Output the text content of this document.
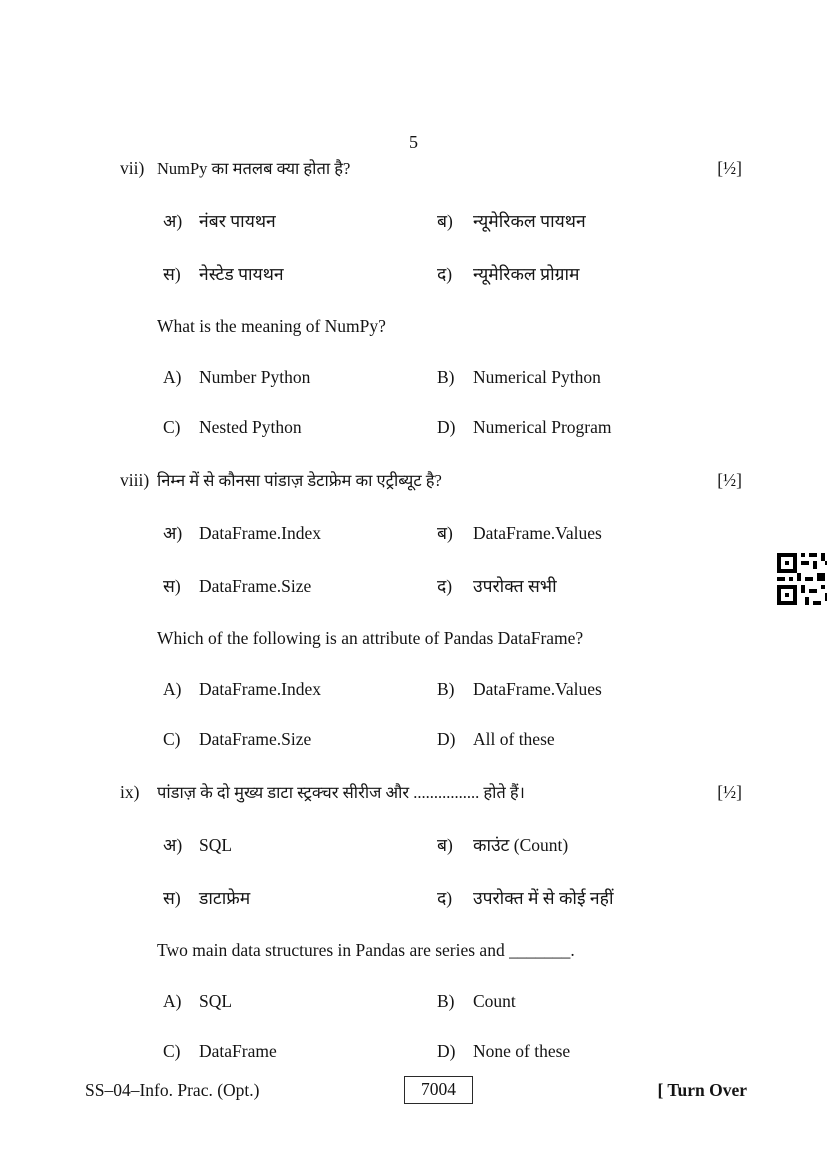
5
vii) NumPy का मतलब क्या होता है?	[½]
अ) नंबर पायथन	ब)	न्यूमेरिकल पायथन
स)	नेस्टेड पायथन	द)	न्यूमेरिकल प्रोग्राम
What is the meaning of NumPy?
A)	Number Python	B)	Numerical Python
C)	Nested Python	D)	Numerical Program
viii) निम्न में से कौनसा पांडाज़ डेटाफ्रेम का एट्रीब्यूट है?	[½]
अ) DataFrame.Index	ब)	DataFrame.Values
स)	DataFrame.Size	द)	उपरोक्त सभी
Which of the following is an attribute of Pandas DataFrame?
A)	DataFrame.Index	B)	DataFrame.Values
C)	DataFrame.Size	D)	All of these
ix)	पांडाज़ के दो मुख्य डाटा स्ट्रक्चर सीरीज और ................ होते हैं।	[½]
अ) SQL	ब)	काउंट (Count)
स)	डाटाफ्रेम	द)	उपरोक्त में से कोई नहीं
Two main data structures in Pandas are series and _______.
A)	SQL	B)	Count
C)	DataFrame	D)	None of these
SS–04–Info. Prac. (Opt.)	7004	[ Turn Over
